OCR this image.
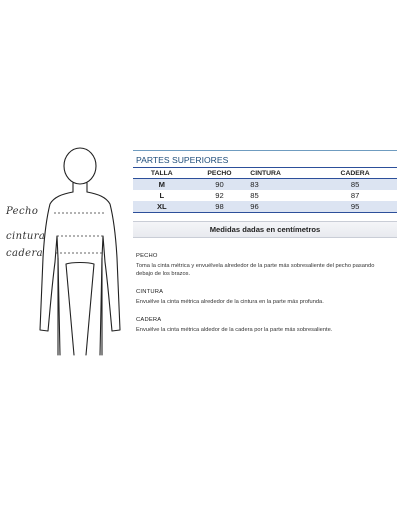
Pecho
cintura
cadera
PARTES SUPERIORES
TALLA	PECHO	CINTURA	CADERA
M	90	83	85
L	92	85	87
XL	98	96	95
Medidas dadas en centímetros
PECHO
Toma la cinta métrica y envuélvela alrededor de la parte más sobresaliente del pecho pasando debajo de los brazos.
CINTURA
Envuélve la cinta métrica alrededor de la cintura en la parte más profunda.
CADERA
Envuélve la cinta métrica aldedor de la cadera por la parte más sobresaliente.
